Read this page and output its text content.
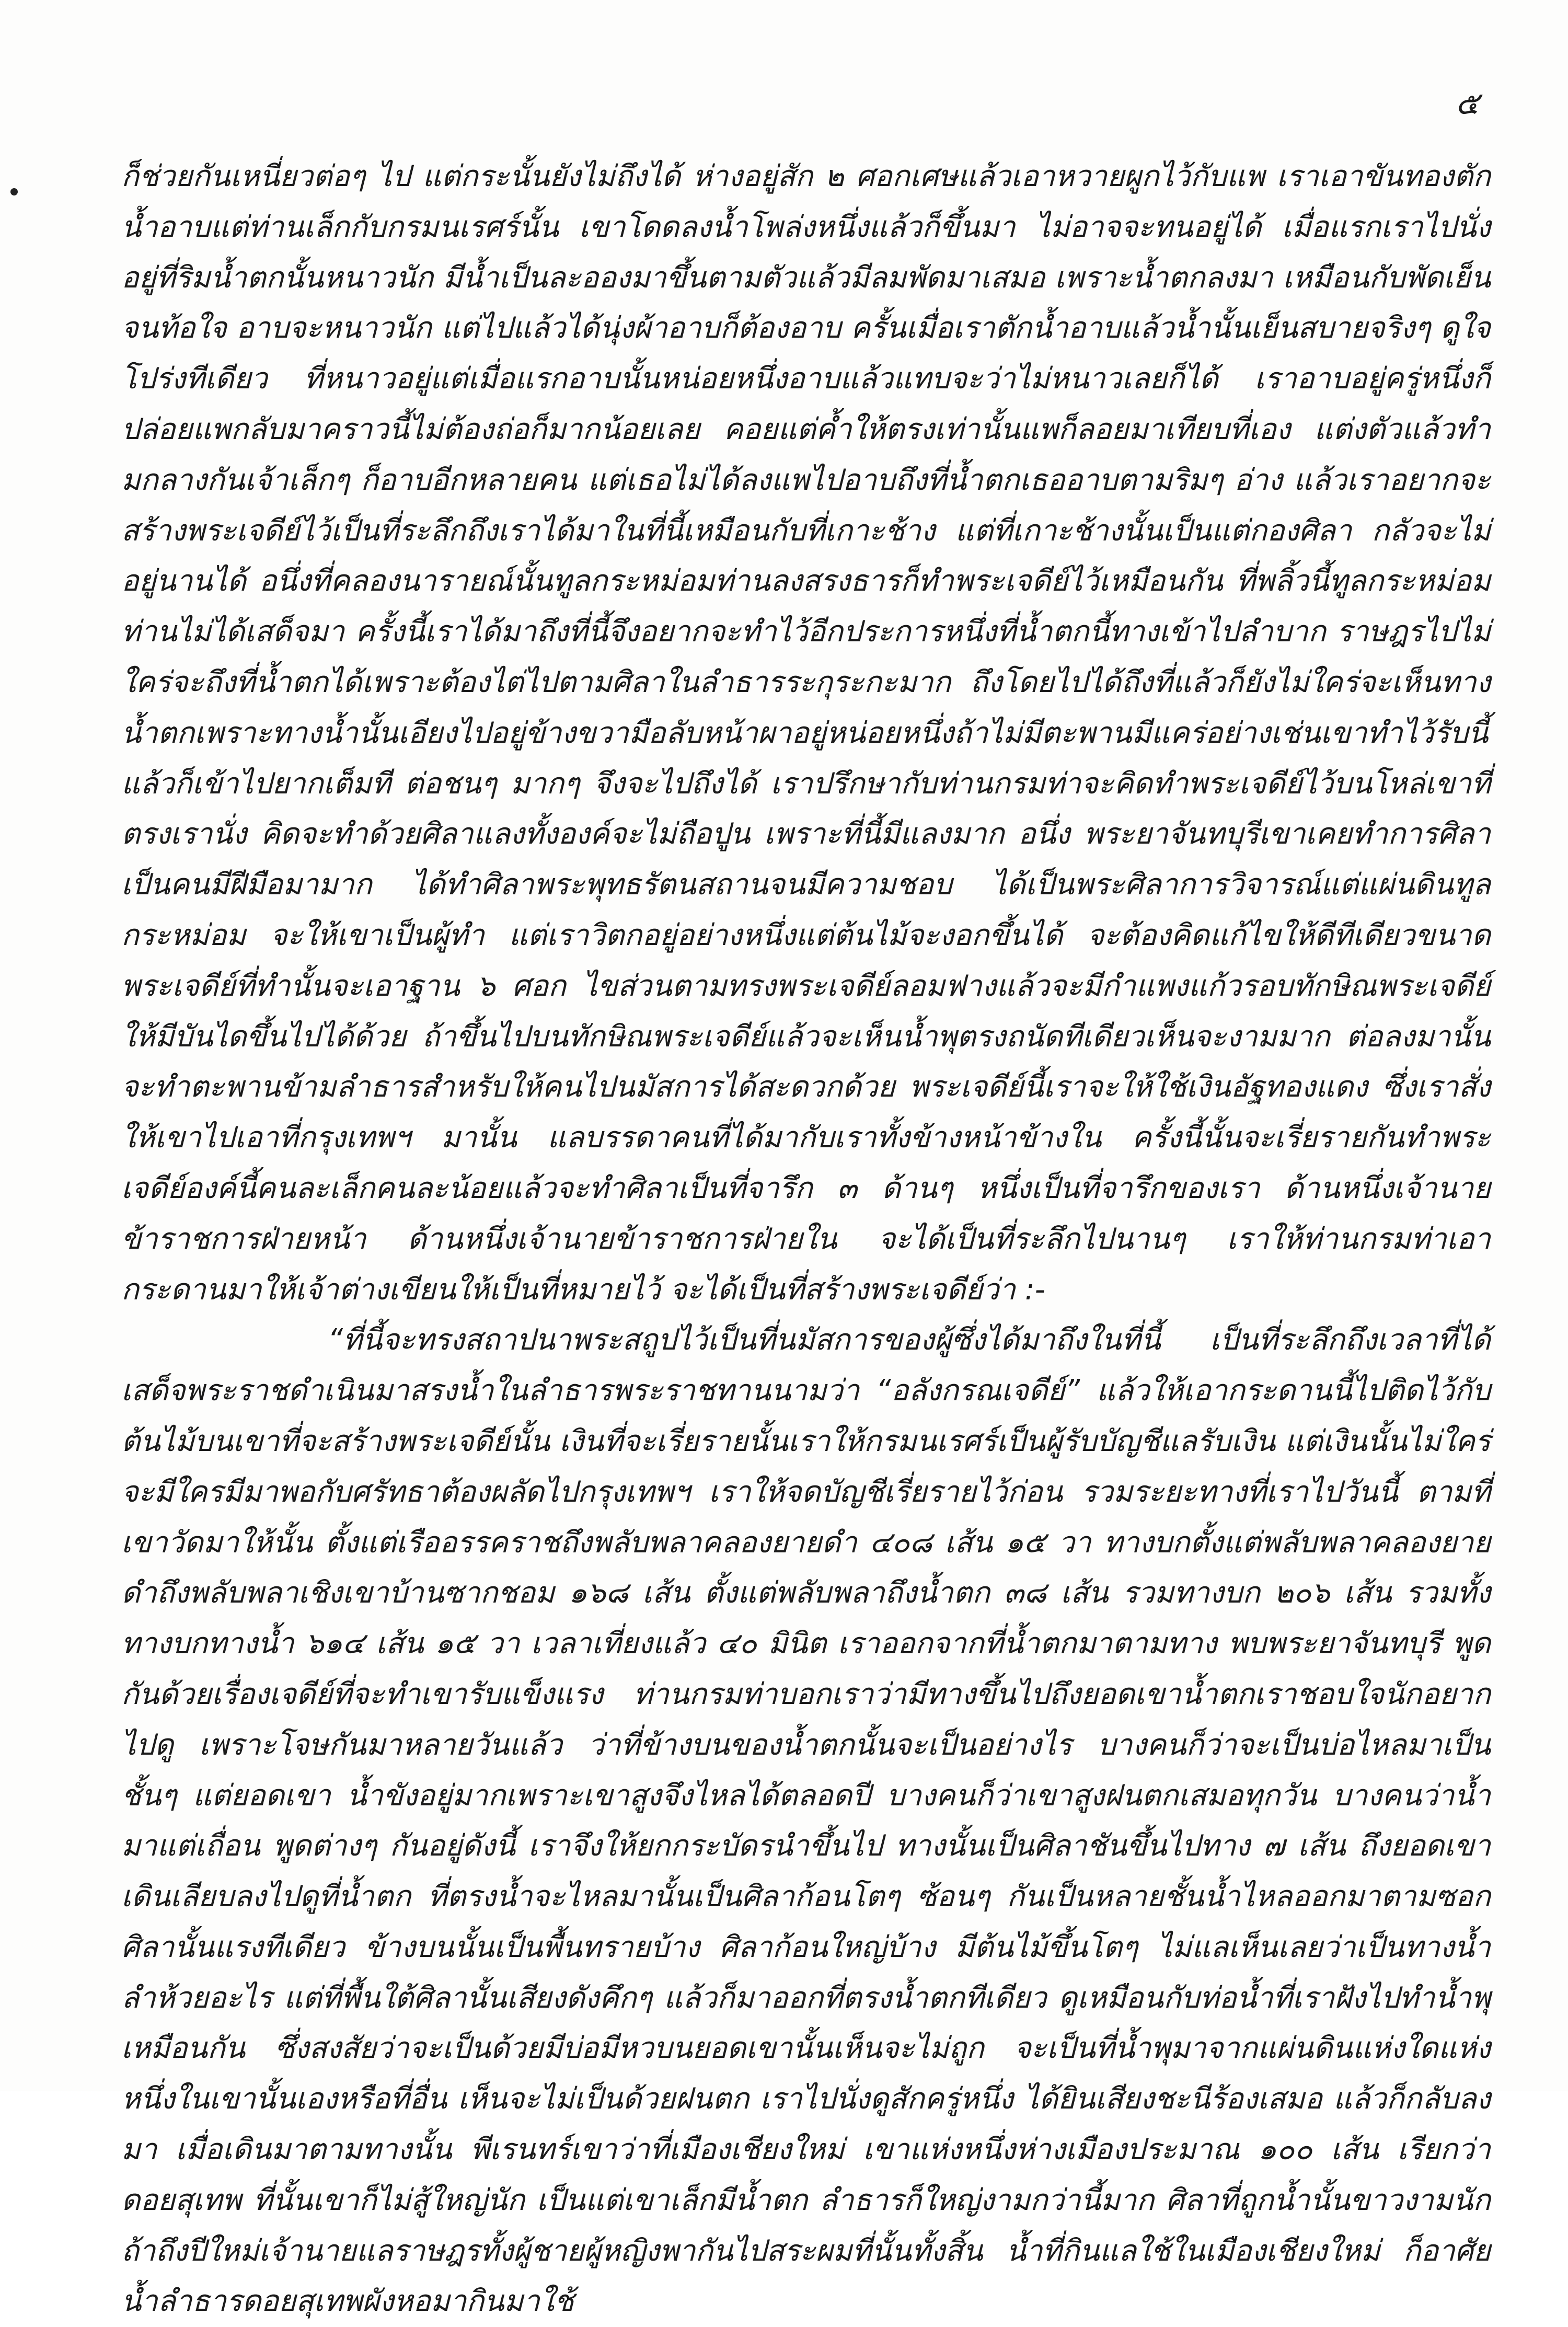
๕

ก็ช่วยกันเหนี่ยวต่อๆ ไป แต่กระนั้นยังไม่ถึงได้ ห่างอยู่สัก ๒ ศอกเศษแล้วเอาหวายผูกไว้กับแพ เราเอาขันทองตักน้ำอาบแต่ท่านเล็กกับกรมนเรศร์นั้น เขาโดดลงน้ำโพล่งหนึ่งแล้วก็ขึ้นมา ไม่อาจจะทนอยู่ได้ เมื่อแรกเราไปนั่งอยู่ที่ริมน้ำตกนั้นหนาวนัก มีน้ำเป็นละอองมาขึ้นตามตัวแล้วมีลมพัดมาเสมอ เพราะน้ำตกลงมา เหมือนกับพัดเย็นจนท้อใจ อาบจะหนาวนัก แต่ไปแล้วได้นุ่งผ้าอาบก็ต้องอาบ ครั้นเมื่อเราตักน้ำอาบแล้วน้ำนั้นเย็นสบายจริงๆ ดูใจโปร่งทีเดียว ที่หนาวอยู่แต่เมื่อแรกอาบนั้นหน่อยหนึ่งอาบแล้วแทบจะว่าไม่หนาวเลยก็ได้ เราอาบอยู่ครู่หนึ่งก็ปล่อยแพกลับมาคราวนี้ไม่ต้องถ่อก็มากน้อยเลย คอยแต่ค้ำให้ตรงเท่านั้นแพก็ลอยมาเทียบที่เอง แต่งตัวแล้วทำมกลางกันเจ้าเล็กๆ ก็อาบอีกหลายคน แต่เธอไม่ได้ลงแพไปอาบถึงที่น้ำตกเธออาบตามริมๆ อ่าง แล้วเราอยากจะสร้างพระเจดีย์ไว้เป็นที่ระลึกถึงเราได้มาในที่นี้เหมือนกับที่เกาะช้าง แต่ที่เกาะช้างนั้นเป็นแต่กองศิลา กลัวจะไม่อยู่นานได้ อนึ่งที่คลองนารายณ์นั้นทูลกระหม่อมท่านลงสรงธารก็ทำพระเจดีย์ไว้เหมือนกัน ที่พลิ้วนี้ทูลกระหม่อมท่านไม่ได้เสด็จมา ครั้งนี้เราได้มาถึงที่นี้จึงอยากจะทำไว้อีกประการหนึ่งที่น้ำตกนี้ทางเข้าไปลำบาก ราษฎรไปไม่ใคร่จะถึงที่น้ำตกได้เพราะต้องไต่ไปตามศิลาในลำธารระกุระกะมาก ถึงโดยไปได้ถึงที่แล้วก็ยังไม่ใคร่จะเห็นทางน้ำตกเพราะทางน้ำนั้นเอียงไปอยู่ข้างขวามือลับหน้าผาอยู่หน่อยหนึ่งถ้าไม่มีตะพานมีแคร่อย่างเช่นเขาทำไว้รับนี้แล้วก็เข้าไปยากเต็มที ต่อชนๆ มากๆ จึงจะไปถึงได้ เราปรึกษากับท่านกรมท่าจะคิดทำพระเจดีย์ไว้บนโหล่เขาที่ตรงเรานั่ง คิดจะทำด้วยศิลาแลงทั้งองค์จะไม่ถือปูน เพราะที่นี้มีแลงมาก อนึ่ง พระยาจันทบุรีเขาเคยทำการศิลา เป็นคนมีฝีมือมามาก ได้ทำศิลาพระพุทธรัตนสถานจนมีความชอบ ได้เป็นพระศิลาการวิจารณ์แต่แผ่นดินทูลกระหม่อม จะให้เขาเป็นผู้ทำ แต่เราวิตกอยู่อย่างหนึ่งแต่ต้นไม้จะงอกขึ้นได้ จะต้องคิดแก้ไขให้ดีทีเดียวขนาดพระเจดีย์ที่ทำนั้นจะเอาฐาน ๖ ศอก ไขส่วนตามทรงพระเจดีย์ลอมฟางแล้วจะมีกำแพงแก้วรอบทักษิณพระเจดีย์ให้มีบันไดขึ้นไปได้ด้วย ถ้าขึ้นไปบนทักษิณพระเจดีย์แล้วจะเห็นน้ำพุตรงถนัดทีเดียวเห็นจะงามมาก ต่อลงมานั้นจะทำตะพานข้ามลำธารสำหรับให้คนไปนมัสการได้สะดวกด้วย พระเจดีย์นี้เราจะให้ใช้เงินอัฐทองแดง ซึ่งเราสั่งให้เขาไปเอาที่กรุงเทพฯ มานั้น แลบรรดาคนที่ได้มากับเราทั้งข้างหน้าข้างใน ครั้งนี้นั้นจะเรี่ยรายกันทำพระเจดีย์องค์นี้คนละเล็กคนละน้อยแล้วจะทำศิลาเป็นที่จารึก ๓ ด้านๆ หนึ่งเป็นที่จารึกของเรา ด้านหนึ่งเจ้านาย ข้าราชการฝ่ายหน้า ด้านหนึ่งเจ้านายข้าราชการฝ่ายใน จะได้เป็นที่ระลึกไปนานๆ เราให้ท่านกรมท่าเอากระดานมาให้เจ้าต่างเขียนให้เป็นที่หมายไว้ จะได้เป็นที่สร้างพระเจดีย์ว่า :-

“ที่นี้จะทรงสถาปนาพระสถูปไว้เป็นที่นมัสการของผู้ซึ่งได้มาถึงในที่นี้ เป็นที่ระลึกถึงเวลาที่ได้เสด็จพระราชดำเนินมาสรงน้ำในลำธารพระราชทานนามว่า “อลังกรณเจดีย์” แล้วให้เอากระดานนี้ไปติดไว้กับต้นไม้บนเขาที่จะสร้างพระเจดีย์นั้น เงินที่จะเรี่ยรายนั้นเราให้กรมนเรศร์เป็นผู้รับบัญชีแลรับเงิน แต่เงินนั้นไม่ใคร่จะมีใครมีมาพอกับศรัทธาต้องผลัดไปกรุงเทพฯ เราให้จดบัญชีเรี่ยรายไว้ก่อน รวมระยะทางที่เราไปวันนี้ ตามที่เขาวัดมาให้นั้น ตั้งแต่เรืออรรคราชถึงพลับพลาคลองยายดำ ๔๐๘ เส้น ๑๕ วา ทางบกตั้งแต่พลับพลาคลองยายดำถึงพลับพลาเชิงเขาบ้านซากชอม ๑๖๘ เส้น ตั้งแต่พลับพลาถึงน้ำตก ๓๘ เส้น รวมทางบก ๒๐๖ เส้น รวมทั้งทางบกทางน้ำ ๖๑๔ เส้น ๑๕ วา เวลาเที่ยงแล้ว ๔๐ มินิต เราออกจากที่น้ำตกมาตามทาง พบพระยาจันทบุรี พูดกันด้วยเรื่องเจดีย์ที่จะทำเขารับแข็งแรง ท่านกรมท่าบอกเราว่ามีทางขึ้นไปถึงยอดเขาน้ำตกเราชอบใจนักอยากไปดู เพราะโจษกันมาหลายวันแล้ว ว่าที่ข้างบนของน้ำตกนั้นจะเป็นอย่างไร บางคนก็ว่าจะเป็นบ่อไหลมาเป็นชั้นๆ แต่ยอดเขา น้ำขังอยู่มากเพราะเขาสูงจึงไหลได้ตลอดปี บางคนก็ว่าเขาสูงฝนตกเสมอทุกวัน บางคนว่าน้ำมาแต่เถื่อน พูดต่างๆ กันอยู่ดังนี้ เราจึงให้ยกกระบัดรนำขึ้นไป ทางนั้นเป็นศิลาชันขึ้นไปทาง ๗ เส้น ถึงยอดเขาเดินเลียบลงไปดูที่น้ำตก ที่ตรงน้ำจะไหลมานั้นเป็นศิลาก้อนโตๆ ซ้อนๆ กันเป็นหลายชั้นน้ำไหลออกมาตามซอกศิลานั้นแรงทีเดียว ข้างบนนั้นเป็นพื้นทรายบ้าง ศิลาก้อนใหญ่บ้าง มีต้นไม้ขึ้นโตๆ ไม่แลเห็นเลยว่าเป็นทางน้ำลำห้วยอะไร แต่ที่พื้นใต้ศิลานั้นเสียงดังคึกๆ แล้วก็มาออกที่ตรงน้ำตกทีเดียว ดูเหมือนกับท่อน้ำที่เราฝังไปทำน้ำพุเหมือนกัน ซึ่งสงสัยว่าจะเป็นด้วยมีบ่อมีหวบนยอดเขานั้นเห็นจะไม่ถูก จะเป็นที่น้ำพุมาจากแผ่นดินแห่งใดแห่งหนึ่งในเขานั้นเองหรือที่อื่น เห็นจะไม่เป็นด้วยฝนตก เราไปนั่งดูสักครู่หนึ่ง ได้ยินเสียงชะนีร้องเสมอ แล้วก็กลับลงมา เมื่อเดินมาตามทางนั้น พีเรนทร์เขาว่าที่เมืองเชียงใหม่ เขาแห่งหนึ่งห่างเมืองประมาณ ๑๐๐ เส้น เรียกว่า ดอยสุเทพ ที่นั้นเขาก็ไม่สู้ใหญ่นัก เป็นแต่เขาเล็กมีน้ำตก ลำธารก็ใหญ่งามกว่านี้มาก ศิลาที่ถูกน้ำนั้นขาวงามนัก ถ้าถึงปีใหม่เจ้านายแลราษฎรทั้งผู้ชายผู้หญิงพากันไปสระผมที่นั้นทั้งสิ้น น้ำที่กินแลใช้ในเมืองเชียงใหม่ ก็อาศัยน้ำลำธารดอยสุเทพผังหอมากินมาใช้
